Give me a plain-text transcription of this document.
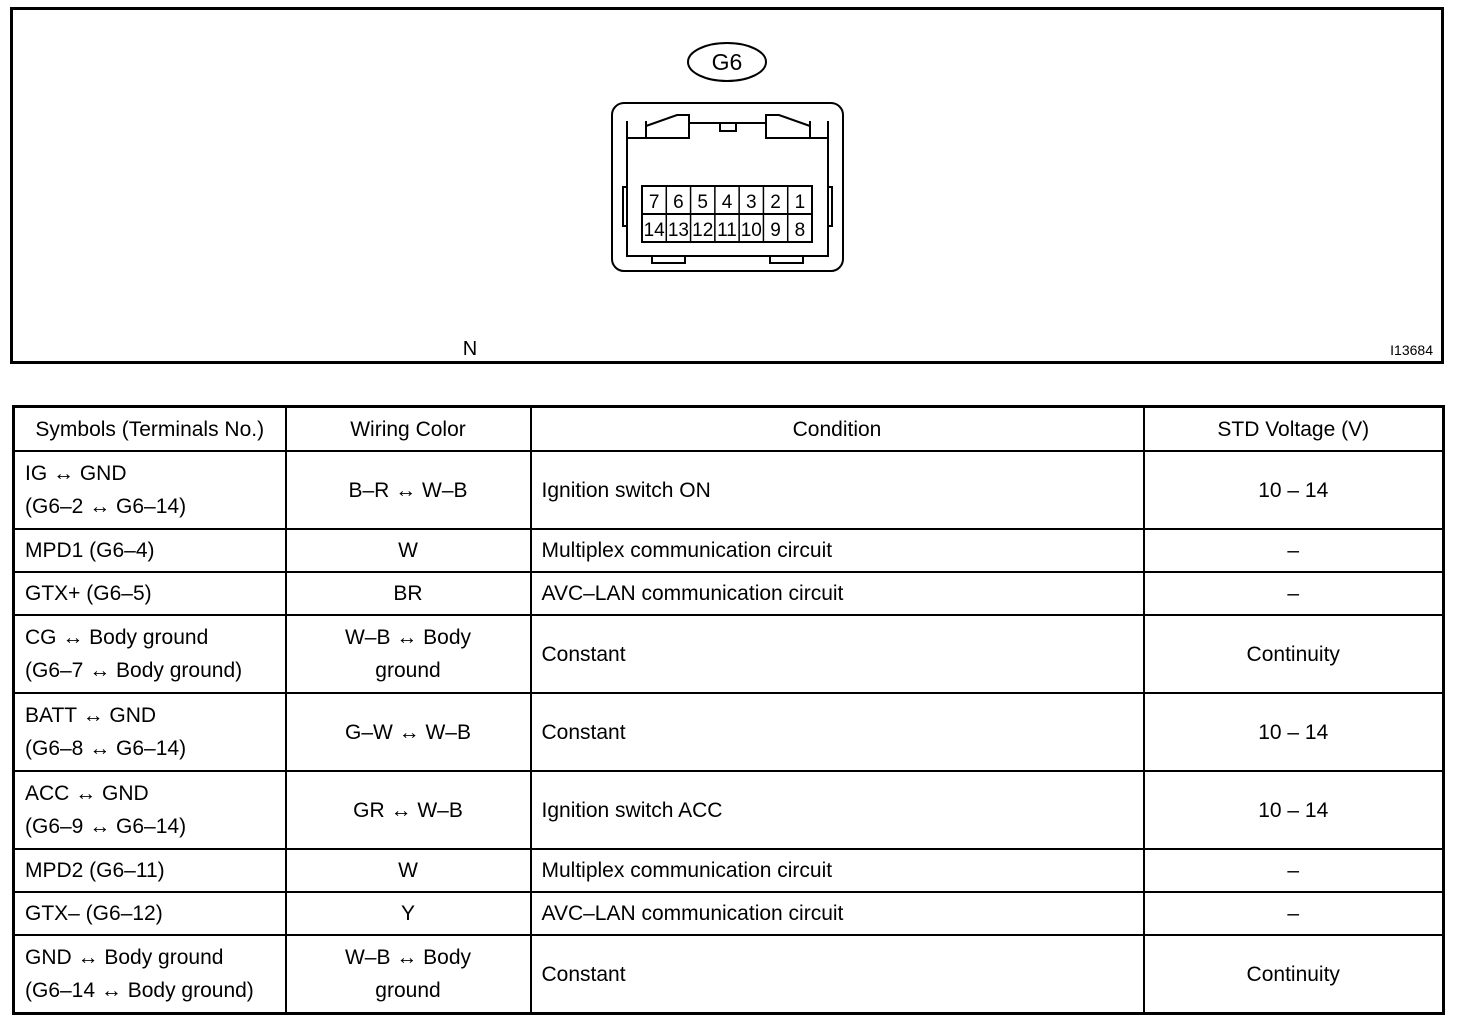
G6
7 6 5 4 3 2 1
14 13 12 11 10 9 8
N	I13684
Symbols (Terminals No.)	Wiring Color	Condition	STD Voltage (V)

IG ↔ GND
(G6–2 ↔ G6–14)	B–R ↔ W–B	Ignition switch ON	10 – 14

MPD1 (G6–4)	W	Multiplex communication circuit	–

GTX+ (G6–5)	BR	AVC–LAN communication circuit	–

CG ↔ Body ground
(G6–7 ↔ Body ground)	W–B ↔ Body
ground	Constant	Continuity

BATT ↔ GND
(G6–8 ↔ G6–14)	G–W ↔ W–B	Constant	10 – 14

ACC ↔ GND
(G6–9 ↔ G6–14)	GR ↔ W–B	Ignition switch ACC	10 – 14

MPD2 (G6–11)	W	Multiplex communication circuit	–

GTX– (G6–12)	Y	AVC–LAN communication circuit	–

GND ↔ Body ground
(G6–14 ↔ Body ground)	W–B ↔ Body
ground	Constant	Continuity
